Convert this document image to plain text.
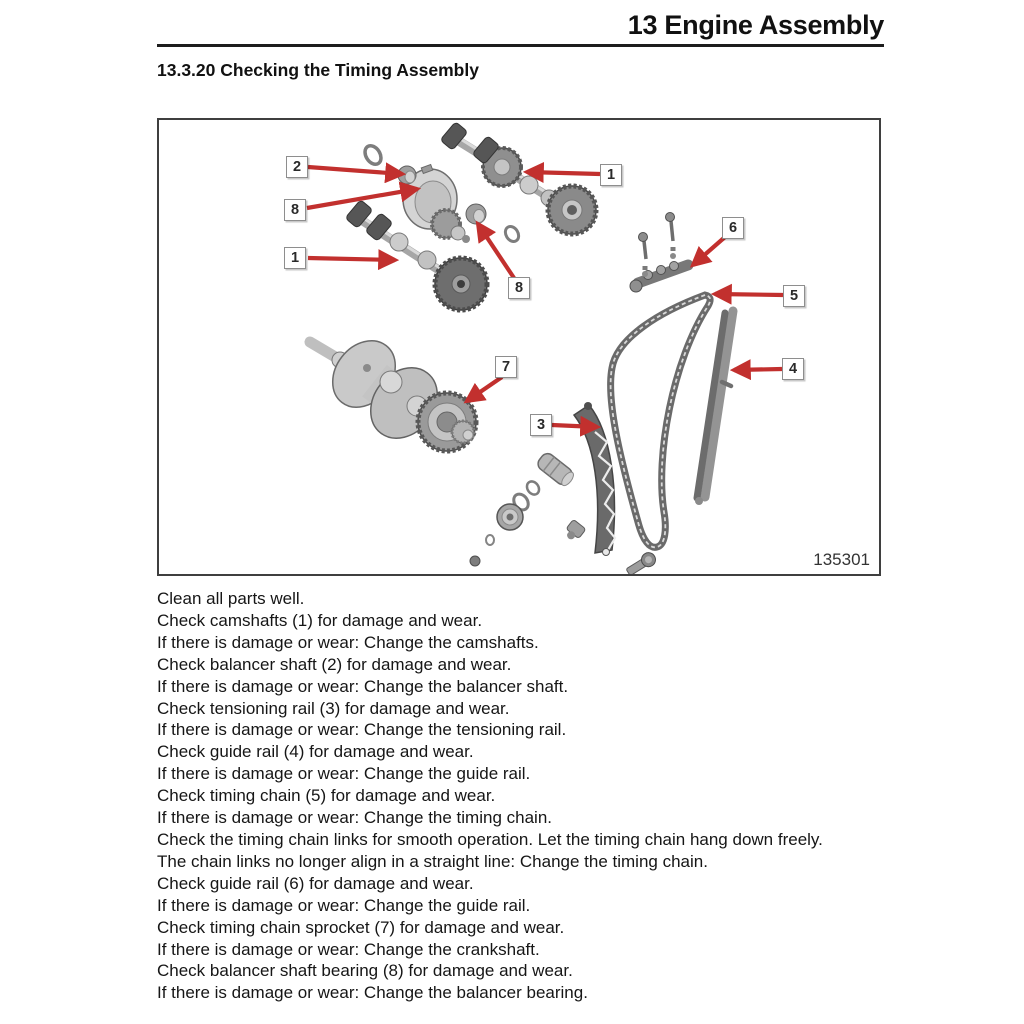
13 Engine Assembly
13.3.20 Checking the Timing Assembly
2
8
1
1
6
5
4
8
7
3
135301
Clean all parts well.
Check camshafts (1) for damage and wear.
If there is damage or wear: Change the camshafts.
Check balancer shaft (2) for damage and wear.
If there is damage or wear: Change the balancer shaft.
Check tensioning rail (3) for damage and wear.
If there is damage or wear: Change the tensioning rail.
Check guide rail (4) for damage and wear.
If there is damage or wear: Change the guide rail.
Check timing chain (5) for damage and wear.
If there is damage or wear: Change the timing chain.
Check the timing chain links for smooth operation. Let the timing chain hang down freely.
The chain links no longer align in a straight line: Change the timing chain.
Check guide rail (6) for damage and wear.
If there is damage or wear: Change the guide rail.
Check timing chain sprocket (7) for damage and wear.
If there is damage or wear: Change the crankshaft.
Check balancer shaft bearing (8) for damage and wear.
If there is damage or wear: Change the balancer bearing.
